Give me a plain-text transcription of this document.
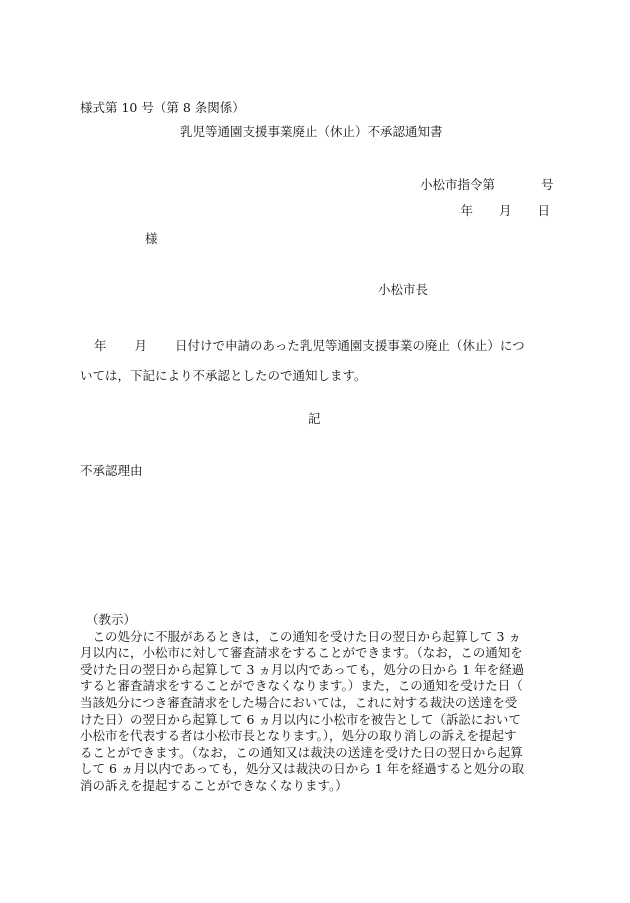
様式第 10 号（第 8 条関係）
乳児等通園支援事業廃止（休止）不承認通知書
小松市指令第	号
年 月 日
様
小松市長
年 月 日付けで申請のあった乳児等通園支援事業の廃止（休止）につ
いては，下記により不承認としたので通知します。
記
不承認理由
（教示）
　この処分に不服があるときは，この通知を受けた日の翌日から起算して 3 ヵ
月以内に，小松市に対して審査請求をすることができます。（なお，この通知を
受けた日の翌日から起算して 3 ヵ月以内であっても，処分の日から 1 年を経過
すると審査請求をすることができなくなります。）また，この通知を受けた日（
当該処分につき審査請求をした場合においては，これに対する裁決の送達を受
けた日）の翌日から起算して 6 ヵ月以内に小松市を被告として（訴訟において
小松市を代表する者は小松市長となります。），処分の取り消しの訴えを提起す
ることができます。（なお，この通知又は裁決の送達を受けた日の翌日から起算
して 6 ヵ月以内であっても，処分又は裁決の日から 1 年を経過すると処分の取
消の訴えを提起することができなくなります。）
